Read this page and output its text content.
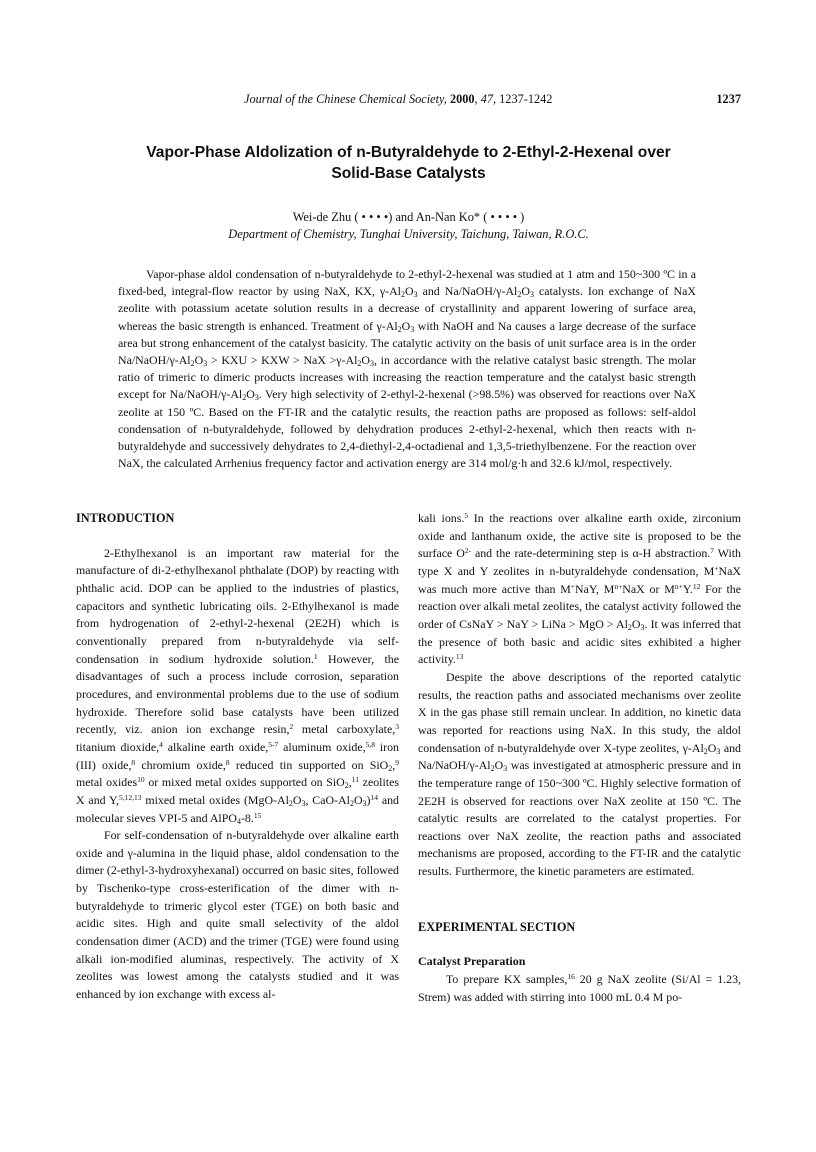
Journal of the Chinese Chemical Society, 2000, 47, 1237-1242	1237
Vapor-Phase Aldolization of n-Butyraldehyde to 2-Ethyl-2-Hexenal over
Solid-Base Catalysts
Wei-de Zhu ( • • • •) and An-Nan Ko* ( • • • • )
Department of Chemistry, Tunghai University, Taichung, Taiwan, R.O.C.

Vapor-phase aldol condensation of n-butyraldehyde to 2-ethyl-2-hexenal was studied at 1 atm and 150~300 ºC in a fixed-bed, integral-flow reactor by using NaX, KX, $\gamma-Al_2O_3$ and $Na/NaOH/\gamma-Al_2O_3$ catalysts. Ion exchange of NaX zeolite with potassium acetate solution results in a decrease of crystallinity and apparent lowering of surface area, whereas the basic strength is enhanced. Treatment of $\gamma-Al_2O_3$ with NaOH and Na causes a large decrease of the surface area but strong enhancement of the catalyst basicity. The catalytic activity on the basis of unit surface area is in the order $Na/NaOH/\gamma-Al_2O_3$ > KXU > KXW > NaX $>\gamma-Al_2O_3$, in accordance with the relative catalyst basic strength. The molar ratio of trimeric to dimeric products increases with increasing the reaction temperature and the catalyst basic strength except for $Na/NaOH/\gamma-Al_2O_3$. Very high selectivity of 2-ethyl-2-hexenal (>98.5%) was observed for reactions over NaX zeolite at 150 ºC. Based on the FT-IR and the catalytic results, the reaction paths are proposed as follows: self-aldol condensation of n-butyraldehyde, followed by dehydration produces 2-ethyl-2-hexenal, which then reacts with n-butyraldehyde and successively dehydrates to 2,4-diethyl-2,4-octadienal and 1,3,5-triethylbenzene. For the reaction over NaX, the calculated Arrhenius frequency factor and activation energy are 314 mol/g·h and 32.6 kJ/mol, respectively.

INTRODUCTION

2-Ethylhexanol is an important raw material for the manufacture of di-2-ethylhexanol phthalate (DOP) by reacting with phthalic acid. DOP can be applied to the industries of plastics, capacitors and synthetic lubricating oils. 2-Ethylhexanol is made from hydrogenation of 2-ethyl-2-hexenal (2E2H) which is conventionally prepared from n-butyraldehyde via self-condensation in sodium hydroxide solution.$^1$ However, the disadvantages of such a process include corrosion, separation procedures, and environmental problems due to the use of sodium hydroxide. Therefore solid base catalysts have been utilized recently, viz. anion ion exchange resin,$^2$ metal carboxylate,$^3$ titanium dioxide,$^4$ alkaline earth oxide,$^{5-7}$ aluminum oxide,$^{5,8}$ iron (III) oxide,$^8$ chromium oxide,$^8$ reduced tin supported on SiO$_2$,$^9$ metal oxides$^{10}$ or mixed metal oxides supported on SiO$_2$,$^{11}$ zeolites X and Y,$^{5,12,13}$ mixed metal oxides ($MgO-Al_2O_3$, CaO-$Al_2O_3)^{14}$ and molecular sieves VPI-5 and AlPO$_4$-8.15

For self-condensation of n-butyraldehyde over alkaline earth oxide and γ-alumina in the liquid phase, aldol condensation to the dimer (2-ethyl-3-hydroxyhexanal) occurred on basic sites, followed by Tischenko-type cross-esterification of the dimer with n-butyraldehyde to trimeric glycol ester (TGE) on both basic and acidic sites. High and quite small selectivity of the aldol condensation dimer (ACD) and the trimer (TGE) were found using alkali ion-modified aluminas, respectively. The activity of X zeolites was lowest among the catalysts studied and it was enhanced by ion exchange with excess al-

kali ions.$^5$ In the reactions over alkaline earth oxide, zirconium oxide and lanthanum oxide, the active site is proposed to be the surface $O^{2-}$ and the rate-determining step is α-H abstraction.$^7$ With type X and Y zeolites in n-butyraldehyde condensation, M+NaX was much more active than M+NaY, $M^{n+}NaX$ or $M^{n+}Y.^{12}$ For the reaction over alkali metal zeolites, the catalyst activity followed the order of CsNaY > NaY > LiNa > MgO > $Al_2O_3$. It was inferred that the presence of both basic and acidic sites exhibited a higher activity.$^{13}$

Despite the above descriptions of the reported catalytic results, the reaction paths and associated mechanisms over zeolite X in the gas phase still remain unclear. In addition, no kinetic data was reported for reactions using NaX. In this study, the aldol condensation of n-butyraldehyde over X-type zeolites, $\gamma-Al_2O_3$ and $Na/NaOH/\gamma-Al_2O_3$ was investigated at atmospheric pressure and in the temperature range of 150~300 ºC. Highly selective formation of 2E2H is observed for reactions over NaX zeolite at 150 ºC. The catalytic results are correlated to the catalyst properties. For reactions over NaX zeolite, the reaction paths and associated mechanisms are proposed, according to the FT-IR and the catalytic results. Furthermore, the kinetic parameters are estimated.

EXPERIMENTAL SECTION
Catalyst Preparation

To prepare KX samples,$^{16}$ 20 g NaX zeolite (Si/Al = 1.23, Strem) was added with stirring into 1000 mL 0.4 M po-
